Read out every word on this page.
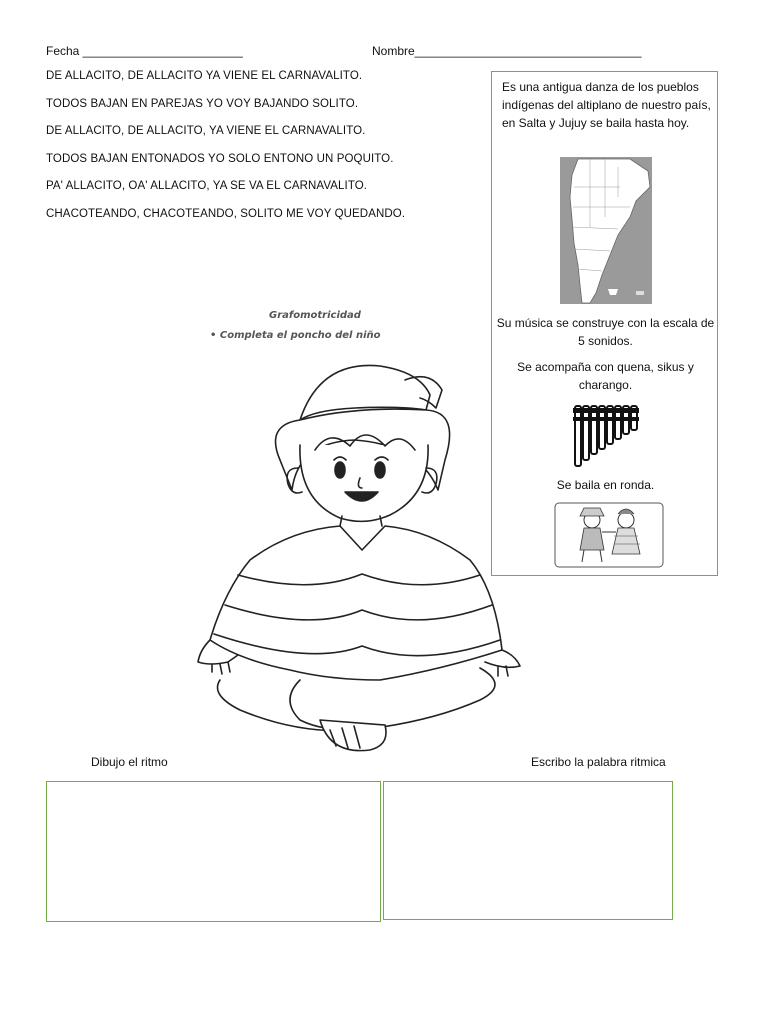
Fecha ________________________	Nombre__________________________________
DE ALLACITO, DE ALLACITO YA VIENE EL CARNAVALITO.
TODOS BAJAN EN PAREJAS YO VOY BAJANDO SOLITO.
DE ALLACITO, DE ALLACITO, YA VIENE EL CARNAVALITO.
TODOS BAJAN ENTONADOS YO SOLO ENTONO UN POQUITO.
PA' ALLACITO, OA' ALLACITO, YA SE VA EL CARNAVALITO.
CHACOTEANDO, CHACOTEANDO, SOLITO ME VOY QUEDANDO.
Es una antigua danza de los pueblos indígenas del altiplano de nuestro país, en Salta y Jujuy se baila hasta hoy.
Su música se construye con la escala de 5 sonidos.
Se acompaña con quena, sikus y charango.
Se baila en ronda.
Grafomotricidad
• Completa el poncho del niño
Dibujo el ritmo	Escribo la palabra ritmica
